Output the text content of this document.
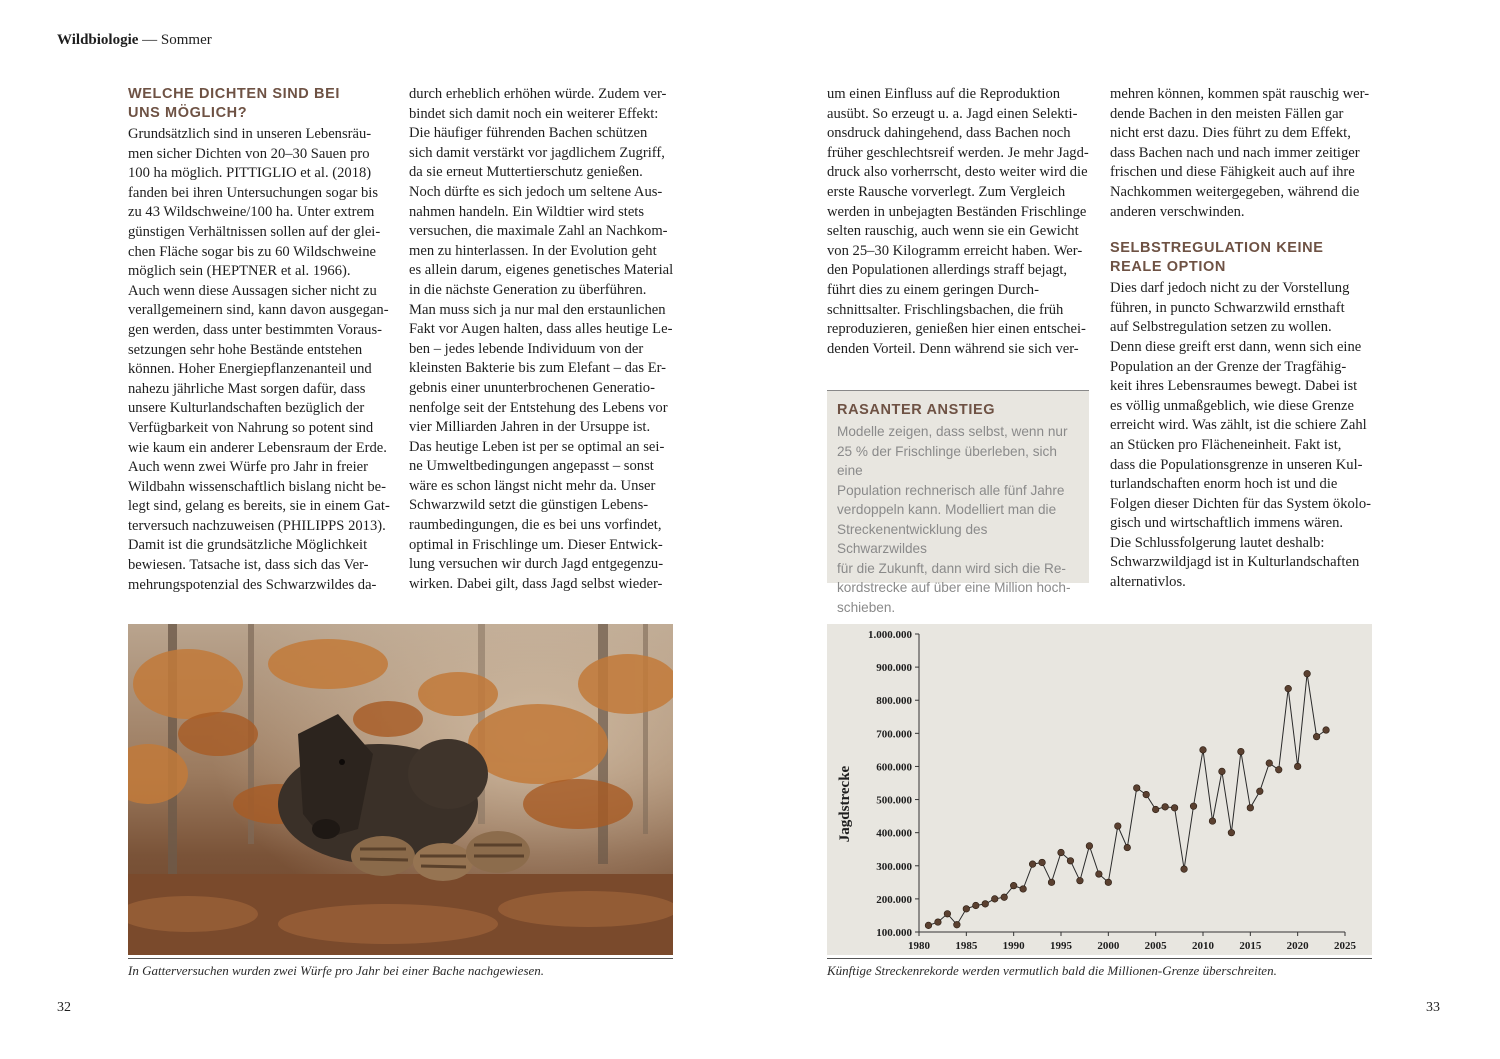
Wildbiologie — Sommer
WELCHE DICHTEN SIND BEI UNS MÖGLICH?

Grundsätzlich sind in unseren Lebensräu-

men sicher Dichten von 20–30 Sauen pro

100 ha möglich. PITTIGLIO et al. (2018)

fanden bei ihren Untersuchungen sogar bis

zu 43 Wildschweine/100 ha. Unter extrem

günstigen Verhältnissen sollen auf der glei-

chen Fläche sogar bis zu 60 Wildschweine

möglich sein (HEPTNER et al. 1966).

Auch wenn diese Aussagen sicher nicht zu

verallgemeinern sind, kann davon ausgegan-

gen werden, dass unter bestimmten Voraus-

setzungen sehr hohe Bestände entstehen

können. Hoher Energiepflanzenanteil und

nahezu jährliche Mast sorgen dafür, dass

unsere Kulturlandschaften bezüglich der

Verfügbarkeit von Nahrung so potent sind

wie kaum ein anderer Lebensraum der Erde.

Auch wenn zwei Würfe pro Jahr in freier

Wildbahn wissenschaftlich bislang nicht be-

legt sind, gelang es bereits, sie in einem Gat-

terversuch nachzuweisen (PHILIPPS 2013).

Damit ist die grundsätzliche Möglichkeit

bewiesen. Tatsache ist, dass sich das Ver-

mehrungspotenzial des Schwarzwildes da-

durch erheblich erhöhen würde. Zudem ver-

bindet sich damit noch ein weiterer Effekt:

Die häufiger führenden Bachen schützen

sich damit verstärkt vor jagdlichem Zugriff,

da sie erneut Muttertierschutz genießen.

Noch dürfte es sich jedoch um seltene Aus-

nahmen handeln. Ein Wildtier wird stets

versuchen, die maximale Zahl an Nachkom-

men zu hinterlassen. In der Evolution geht

es allein darum, eigenes genetisches Material

in die nächste Generation zu überführen.

Man muss sich ja nur mal den erstaunlichen

Fakt vor Augen halten, dass alles heutige Le-

ben – jedes lebende Individuum von der

kleinsten Bakterie bis zum Elefant – das Er-

gebnis einer ununterbrochenen Generatio-

nenfolge seit der Entstehung des Lebens vor

vier Milliarden Jahren in der Ursuppe ist.

Das heutige Leben ist per se optimal an sei-

ne Umweltbedingungen angepasst – sonst

wäre es schon längst nicht mehr da. Unser

Schwarzwild setzt die günstigen Lebens-

raumbedingungen, die es bei uns vorfindet,

optimal in Frischlinge um. Dieser Entwick-

lung versuchen wir durch Jagd entgegenzu-

wirken. Dabei gilt, dass Jagd selbst wieder-

um einen Einfluss auf die Reproduktion

ausübt. So erzeugt u. a. Jagd einen Selekti-

onsdruck dahingehend, dass Bachen noch

früher geschlechtsreif werden. Je mehr Jagd-

druck also vorherrscht, desto weiter wird die

erste Rausche vorverlegt. Zum Vergleich

werden in unbejagten Beständen Frischlinge

selten rauschig, auch wenn sie ein Gewicht

von 25–30 Kilogramm erreicht haben. Wer-

den Populationen allerdings straff bejagt,

führt dies zu einem geringen Durch-

schnittsalter. Frischlingsbachen, die früh

reproduzieren, genießen hier einen entschei-

denden Vorteil. Denn während sie sich ver-

RASANTER ANSTIEG

Modelle zeigen, dass selbst, wenn nur

25 % der Frischlinge überleben, sich eine

Population rechnerisch alle fünf Jahre

verdoppeln kann. Modelliert man die

Streckenentwicklung des Schwarzwildes

für die Zukunft, dann wird sich die Re-

kordstrecke auf über eine Million hoch-

schieben.

mehren können, kommen spät rauschig wer-

dende Bachen in den meisten Fällen gar

nicht erst dazu. Dies führt zu dem Effekt,

dass Bachen nach und nach immer zeitiger

frischen und diese Fähigkeit auch auf ihre

Nachkommen weitergegeben, während die

anderen verschwinden.

SELBSTREGULATION KEINE REALE OPTION

Dies darf jedoch nicht zu der Vorstellung

führen, in puncto Schwarzwild ernsthaft

auf Selbstregulation setzen zu wollen.

Denn diese greift erst dann, wenn sich eine

Population an der Grenze der Tragfähig-

keit ihres Lebensraumes bewegt. Dabei ist

es völlig unmaßgeblich, wie diese Grenze

erreicht wird. Was zählt, ist die schiere Zahl

an Stücken pro Flächeneinheit. Fakt ist,

dass die Populationsgrenze in unseren Kul-

turlandschaften enorm hoch ist und die

Folgen dieser Dichten für das System ökolo-

gisch und wirtschaftlich immens wären.

Die Schlussfolgerung lautet deshalb:

Schwarzwildjagd ist in Kulturlandschaften

alternativlos.

In Gatterversuchen wurden zwei Würfe pro Jahr bei einer Bache nachgewiesen.
100.000
200.000
300.000
400.000
500.000
600.000
700.000
800.000
900.000
1.000.000
1980 1985 1990 1995 2000 2005 2010 2015 2020 2025
Jagdstrecke
Künftige Streckenrekorde werden vermutlich bald die Millionen-Grenze überschreiten.
32	33
